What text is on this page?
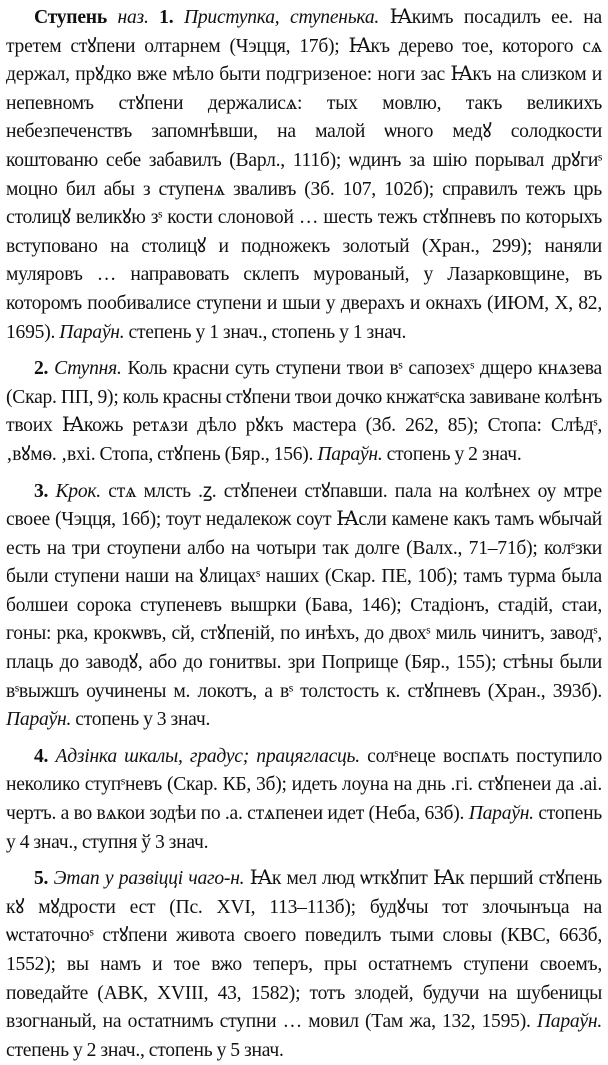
Ступень наз. 1. Приступка, ступенька. Ꙗкимъ посадилъ ее. на третем стꙋпени олтарнем (Чэцця, 17б); Ꙗкъ дерево тое, которого сѧ держал, прꙋдко вже мѣло быти подгризеное: ноги зас Ꙗкъ на слизком и непевномъ стꙋпени держалисѧ: тых мовлю, такъ великихъ небезпеченствъ запомнѣвши, на малой ѡного медꙋ солодкости коштованю себе забавилъ (Варл., 111б); ѡдинъ за шію порывал дрꙋгиˢ моцно бил абы з ступенѧ звaливъ (Зб. 107, 102б); справилъ тежъ црь столицꙋ великꙋю зˢ кости слоновой … шесть тежъ стꙋпневъ по которыхъ вступовано на столицꙋ и подножекъ золотый (Хран., 299); наняли муляровъ … направовать склепъ мурованый, у Лазарковщине, въ которомъ пообивалисе ступени и шыи у дверахъ и окнахъ (ИЮМ, X, 82, 1695). Параўн. степень у 1 знач., стопень у 1 знач.

2. Ступня. Коль красни суть ступени твои вˢ сапозехˢ дщеро кнѧзева (Скар. ПП, 9); коль красны стꙋпени твои дочко кнжатˢска завиване колѣнъ твоих Ꙗкожь ретѧзи дѣло рꙋкъ мастера (Зб. 262, 85); Стопа: Слѣдˢ, ‚вꙋмѳ. ‚вхі. Стопа, стꙋпень (Бяр., 156). Параўн. стопень у 2 знач.

3. Крок. стѧ млсть .ꙁ. стꙋпенеи стꙋпавши. пала на колѣнех оу мтре своее (Чэцця, 16б); тоут недалекож соут Ꙗсли камене какъ тамъ ѡбычай есть на три стоупени албо на чотыри так долге (Валх., 71–71б); колˢзки были ступени наши на ꙋлицахˢ наших (Скар. ПЕ, 10б); тамъ турма была болшеи сорока ступеневъ вышрки (Бава, 146); Стадіонъ, стадій, стаи, гоны: рка, крокѡвъ, сй, стꙋпеній, по инѣхъ, до двохˢ миль чинитъ, заводˢ, плаць до заводꙋ, або до гонитвы. зри Поприще (Бяр., 155); стѣны были вˢвыжшъ оучинены м. локотъ, а вˢ толстость к. стꙋпневъ (Хран., 393б). Параўн. стопень у 3 знач.

4. Адзінка шкалы, градус; працягласць. солˢнеце воспѧть поступило неколико ступˢневъ (Скар. КБ, 3б); идеть лоуна на днь .гі. стꙋпенеи да .аі. чертъ. а во вѧкои зодѣи по .а. стѧпенеи идет (Неба, 63б). Параўн. стопень у 4 знач., ступня ў 3 знач.

5. Этап у развіцці чаго-н. Ꙗк мел люд ѡткꙋпит Ꙗк перший стꙋпень кꙋ мꙋдрости ест (Пс. XVI, 113–113б); будꙋчы тот злочынъца на ѡстаточноˢ стꙋпени живота своего поведилъ тыми словы (КВС, 663б, 1552); вы намъ и тое вжо теперъ, пры остатнемъ ступени своемъ, поведайте (АВК, XVIII, 43, 1582); тотъ злодей, будучи на шубеницы взогнаный, на остатнимъ ступни … мовил (Там жа, 132, 1595). Параўн. степень у 2 знач., стопень у 5 знач.
